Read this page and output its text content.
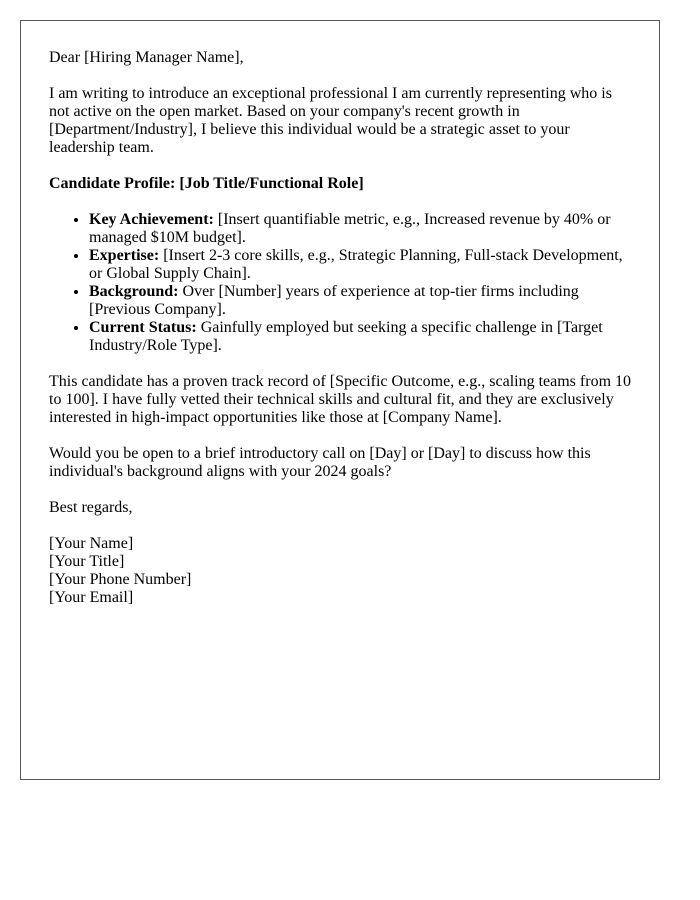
Dear [Hiring Manager Name],

I am writing to introduce an exceptional professional I am currently representing who is not active on the open market. Based on your company's recent growth in [Department/Industry], I believe this individual would be a strategic asset to your leadership team.

Candidate Profile: [Job Title/Functional Role]

• Key Achievement: [Insert quantifiable metric, e.g., Increased revenue by 40% or managed $10M budget].
• Expertise: [Insert 2-3 core skills, e.g., Strategic Planning, Full-stack Development, or Global Supply Chain].
• Background: Over [Number] years of experience at top-tier firms including [Previous Company].
• Current Status: Gainfully employed but seeking a specific challenge in [Target Industry/Role Type].

This candidate has a proven track record of [Specific Outcome, e.g., scaling teams from 10 to 100]. I have fully vetted their technical skills and cultural fit, and they are exclusively interested in high-impact opportunities like those at [Company Name].

Would you be open to a brief introductory call on [Day] or [Day] to discuss how this individual's background aligns with your 2024 goals?

Best regards,

[Your Name]
[Your Title]
[Your Phone Number]
[Your Email]
